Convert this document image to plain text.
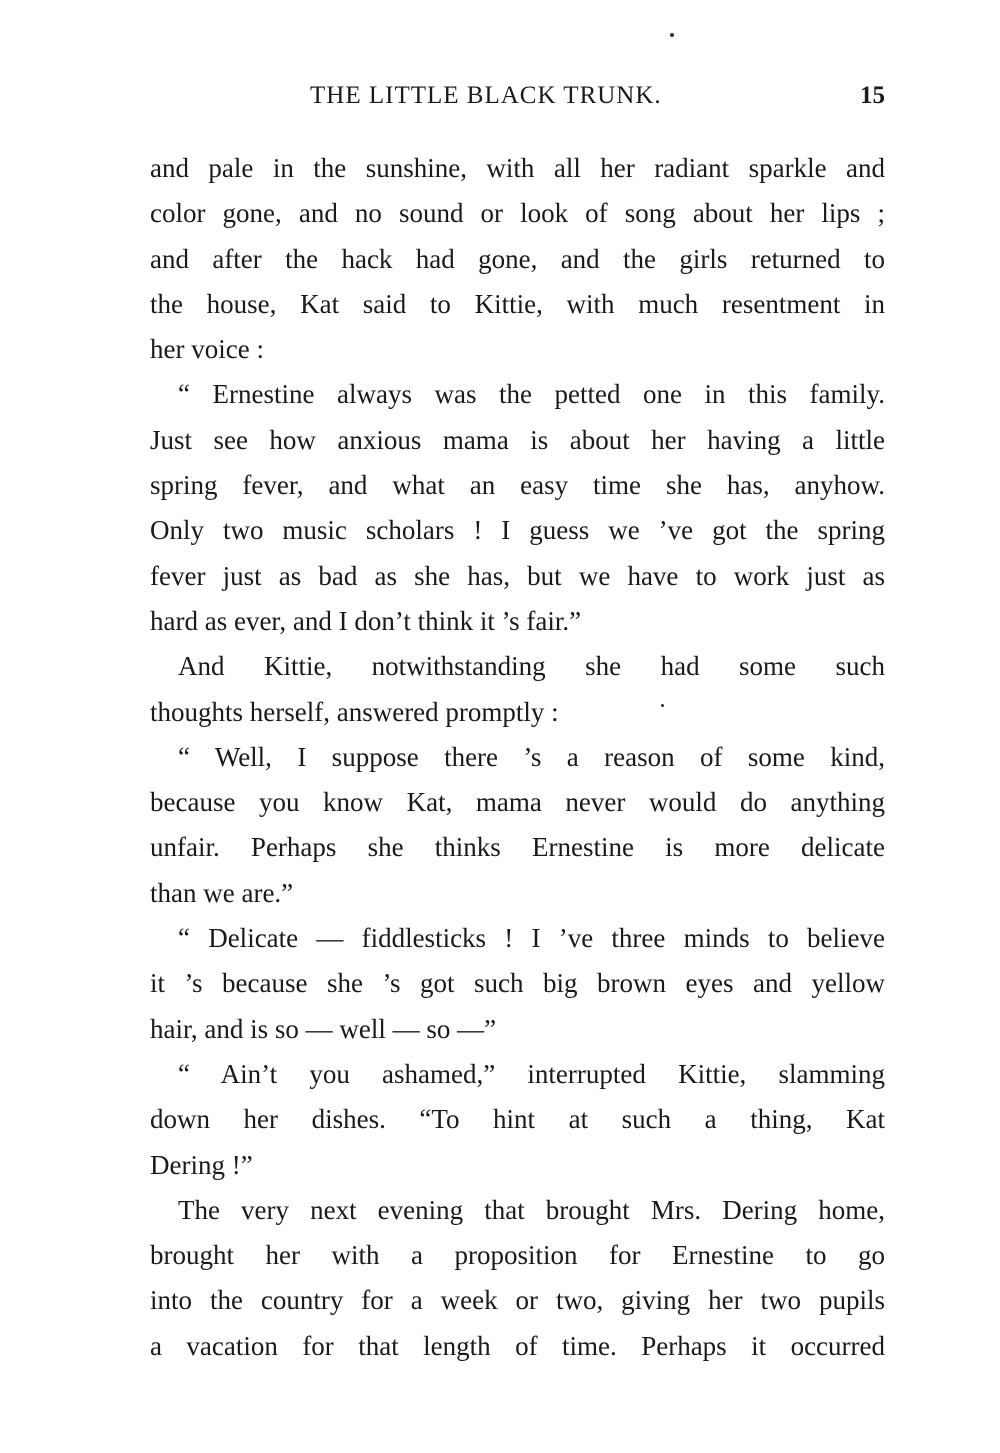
THE LITTLE BLACK TRUNK.	15
and pale in the sunshine, with all her radiant sparkle and
color gone, and no sound or look of song about her lips ;
and after the hack had gone, and the girls returned to
the house, Kat said to Kittie, with much resentment in
her voice :
“ Ernestine always was the petted one in this family.
Just see how anxious mama is about her having a little
spring fever, and what an easy time she has, anyhow.
Only two music scholars ! I guess we ’ve got the spring
fever just as bad as she has, but we have to work just as
hard as ever, and I don’t think it ’s fair.”
And Kittie, notwithstanding she had some such
thoughts herself, answered promptly :
“ Well, I suppose there ’s a reason of some kind,
because you know Kat, mama never would do anything
unfair. Perhaps she thinks Ernestine is more delicate
than we are.”
“ Delicate — fiddlesticks ! I ’ve three minds to believe
it ’s because she ’s got such big brown eyes and yellow
hair, and is so — well — so —”
“ Ain’t you ashamed,” interrupted Kittie, slamming
down her dishes. “To hint at such a thing, Kat
Dering !”
The very next evening that brought Mrs. Dering home,
brought her with a proposition for Ernestine to go
into the country for a week or two, giving her two pupils
a vacation for that length of time. Perhaps it occurred
